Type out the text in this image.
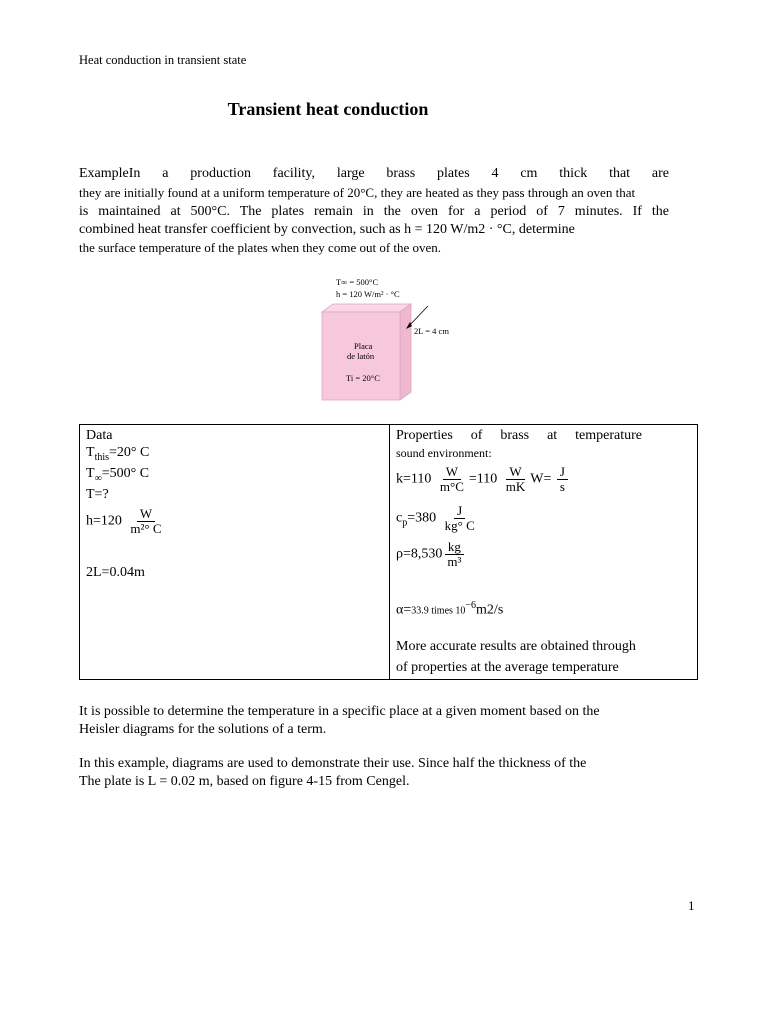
Heat conduction in transient state
Transient heat conduction
ExampleIn a production facility, large brass plates 4 cm thick that are
they are initially found at a uniform temperature of 20°C, they are heated as they pass through an oven that
is maintained at 500°C. The plates remain in the oven for a period of 7 minutes. If the
combined heat transfer coefficient by convection, such as h = 120 W/m2 · °C, determine
the surface temperature of the plates when they come out of the oven.
T∞ = 500°C
h = 120 W/m² · °C
2L = 4 cm
Placa
de latón
Ti = 20°C
Data
$T_{this}=20^\circ$ C
$T_\infty=500^\circ$ C
T=?
$h=120 \frac{W}{\text{m²° C}}$
2L=0.04m

Properties of brass at temperature
sound environment:
$k=110 \frac{W}{m^\circ C} =110 \frac{W}{mK} W= \frac{J}{s}$
$c_p=380 \frac{J}{kg^\circ C}$
$\rho=8,530 \frac{kg}{\text{m³}}$
α=33.9 times $10^{-6}m2/s$
More accurate results are obtained through
of properties at the average temperature
It is possible to determine the temperature in a specific place at a given moment based on the
Heisler diagrams for the solutions of a term.
In this example, diagrams are used to demonstrate their use. Since half the thickness of the
The plate is L = 0.02 m, based on figure 4-15 from Cengel.
1
